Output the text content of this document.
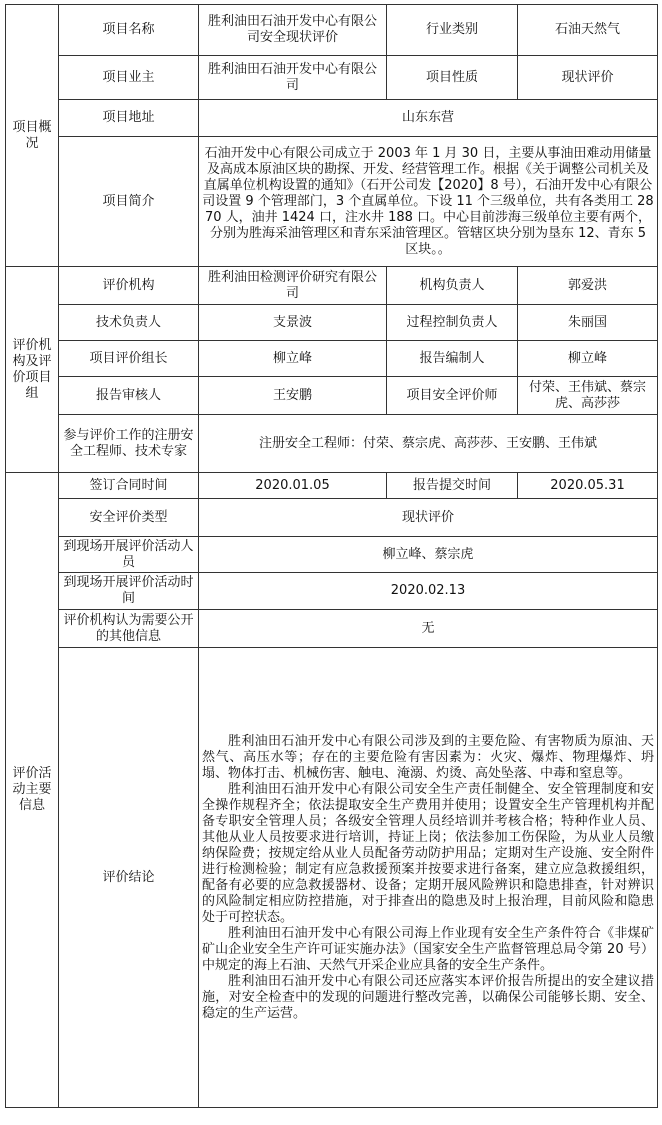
项目概况	项目名称	胜利油田石油开发中心有限公司安全现状评价	行业类别	石油天然气
	项目业主	胜利油田石油开发中心有限公司	项目性质	现状评价
	项目地址	山东东营		
	项目简介	石油开发中心有限公司成立于 2003 年 1 月 30 日，主要从事油田难动用储量及高成本原油区块的勘探、开发、经营管理工作。根据《关于调整公司机关及直属单位机构设置的通知》（石开公司发【2020】8 号），石油开发中心有限公司设置 9 个管理部门，3 个直属单位。下设 11 个三级单位，共有各类用工 2870 人，油井 1424 口，注水井 188 口。中心目前涉海三级单位主要有两个，分别为胜海采油管理区和青东采油管理区。管辖区块分别为垦东 12、青东 5 区块。。		

评价机构及评价项目组	评价机构	胜利油田检测评价研究有限公司	机构负责人	郭爱洪
	技术负责人	支景波	过程控制负责人	朱丽国
	项目评价组长	柳立峰	报告编制人	柳立峰
	报告审核人	王安鹏	项目安全评价师	付荣、王伟斌、蔡宗虎、高莎莎
	参与评价工作的注册安全工程师、技术专家	注册安全工程师：付荣、蔡宗虎、高莎莎、王安鹏、王伟斌		

评价活动主要信息	签订合同时间	2020.01.05	报告提交时间	2020.05.31
	安全评价类型	现状评价		
	到现场开展评价活动人员	柳立峰、蔡宗虎		
	到现场开展评价活动时间	2020.02.13		
	评价机构认为需要公开的其他信息	无		
	评价结论	胜利油田石油开发中心有限公司涉及到的主要危险、有害物质为原油、天然气、高压水等；存在的主要危险有害因素为：火灾、爆炸、物理爆炸、坍塌、物体打击、机械伤害、触电、淹溺、灼烫、高处坠落、中毒和窒息等。

胜利油田石油开发中心有限公司安全生产责任制健全、安全管理制度和安全操作规程齐全；依法提取安全生产费用并使用；设置安全生产管理机构并配备专职安全管理人员；各级安全管理人员经培训并考核合格；特种作业人员、其他从业人员按要求进行培训，持证上岗；依法参加工伤保险，为从业人员缴纳保险费；按规定给从业人员配备劳动防护用品；定期对生产设施、安全附件进行检测检验；制定有应急救援预案并按要求进行备案，建立应急救援组织，配备有必要的应急救援器材、设备；定期开展风险辨识和隐患排查，针对辨识的风险制定相应防控措施，对于排查出的隐患及时上报治理，目前风险和隐患处于可控状态。

胜利油田石油开发中心有限公司海上作业现有安全生产条件符合《非煤矿矿山企业安全生产许可证实施办法》（国家安全生产监督管理总局令第 20 号）中规定的海上石油、天然气开采企业应具备的安全生产条件。

胜利油田石油开发中心有限公司还应落实本评价报告所提出的安全建议措施，对安全检查中的发现的问题进行整改完善，以确保公司能够长期、安全、稳定的生产运营。		
